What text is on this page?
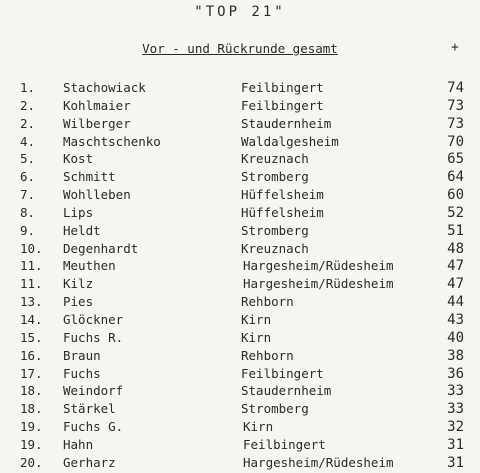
"TOP 21"
Vor - und Rückrunde gesamt	+
1. Stachowiack	Feilbingert	74
2. Kohlmaier	Feilbingert	73
2. Wilberger	Staudernheim	73
4. Maschtschenko	Waldalgesheim	70
5. Kost	Kreuznach	65
6. Schmitt	Stromberg	64
7. Wohlleben	Hüffelsheim	60
8. Lips	Hüffelsheim	52
9. Heldt	Stromberg	51
10. Degenhardt	Kreuznach	48
11. Meuthen	Hargesheim/Rüdesheim	47
11. Kilz	Hargesheim/Rüdesheim	47
13. Pies	Rehborn	44
14. Glöckner	Kirn	43
15. Fuchs R.	Kirn	40
16. Braun	Rehborn	38
17. Fuchs	Feilbingert	36
18. Weindorf	Staudernheim	33
18. Stärkel	Stromberg	33
19. Fuchs G.	Kirn	32
19. Hahn	Feilbingert	31
20. Gerharz	Hargesheim/Rüdesheim	31
